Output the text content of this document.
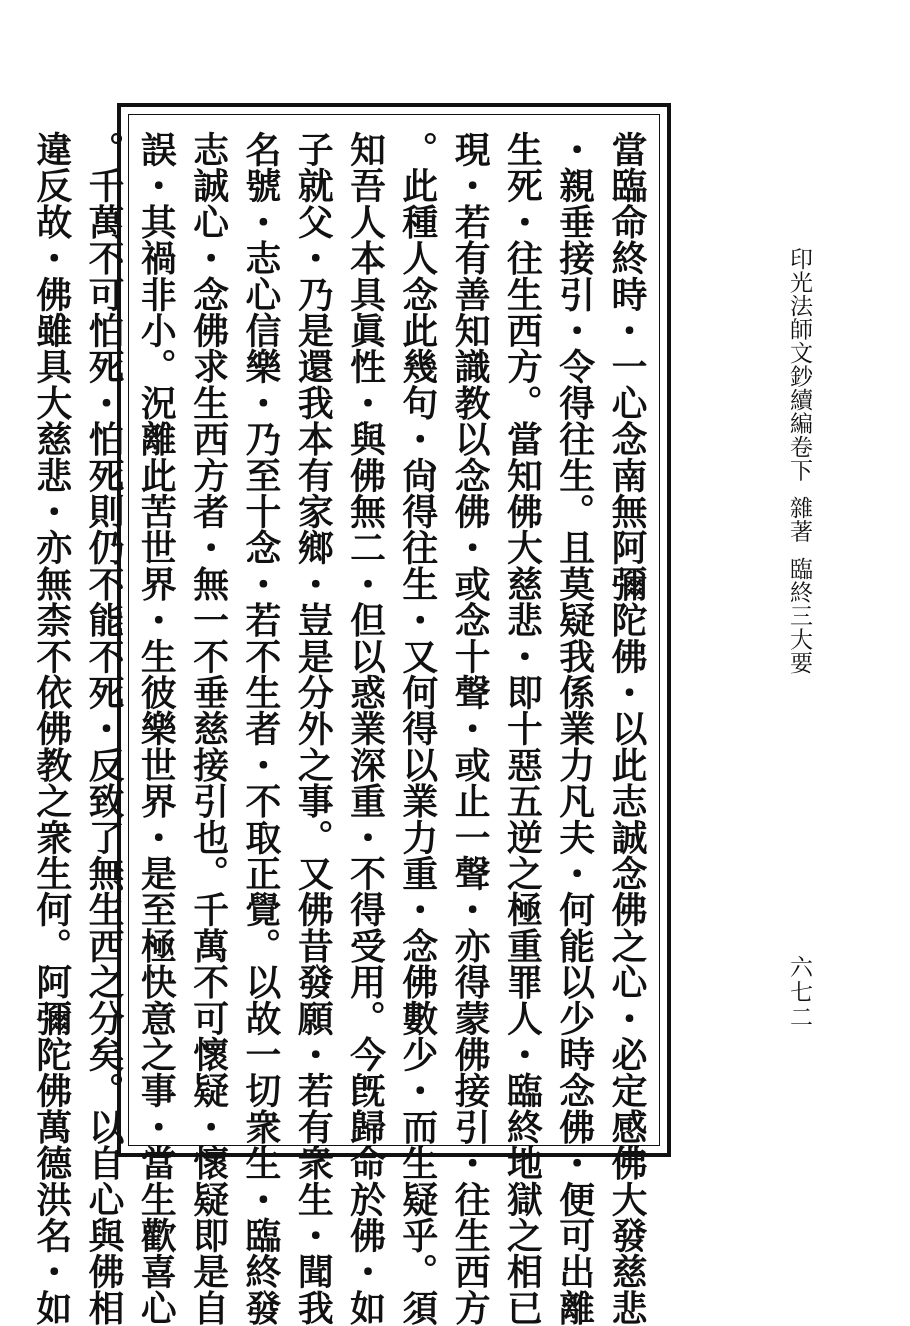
當臨命終時・一心念南無阿彌陀佛・以此志誠念佛之心・必定感佛大發慈悲
・親垂接引・令得往生。且莫疑我係業力凡夫・何能以少時念佛・便可出離
生死・往生西方。當知佛大慈悲・即十惡五逆之極重罪人・臨終地獄之相已
現・若有善知識教以念佛・或念十聲・或止一聲・亦得蒙佛接引・往生西方
。此種人念此幾句・尙得往生・又何得以業力重・念佛數少・而生疑乎。須
知吾人本具眞性・與佛無二・但以惑業深重・不得受用。今旣歸命於佛・如
子就父・乃是還我本有家鄉・豈是分外之事。又佛昔發願・若有衆生・聞我
名號・志心信樂・乃至十念・若不生者・不取正覺。以故一切衆生・臨終發
志誠心・念佛求生西方者・無一不垂慈接引也。千萬不可懷疑・懷疑即是自
誤・其禍非小。況離此苦世界・生彼樂世界・是至極快意之事・當生歡喜心
。千萬不可怕死・怕死則仍不能不死・反致了無生西之分矣。以自心與佛相
違反故・佛雖具大慈悲・亦無柰不依佛教之衆生何。阿彌陀佛萬德洪名・如	印光法師文鈔續編卷下雜著臨終三大要
六七二
